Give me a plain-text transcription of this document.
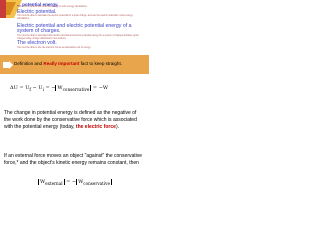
... potential energy.
You must be able to use potential energy in work energy calculations.
Electric potential.
You must be able to calculate the electric potential for a point charge, and use the electric potential in work-energy calculations.
Electric potential and electric potential energy of a system of charges.
You must be able to calculate both electric potential and electric potential energy for a system of charged particles (point charges today, charge distributions next lecture).
The electron volt.
You must be able to use the electron volt as an alternative unit of energy.
Definition and Really Important fact to keep straight.
$\Delta U = U_f - U_i$ = − $W_{conservative} = -W$
The change in potential energy is defined as the negative of the work done by the conservative force which is associated with the potential energy (today, the electric force).
If an external force moves an object "against" the conservative force,* and the object's kinetic energy remains constant, then
$W_{external}$ = − $W_{conservative}$
